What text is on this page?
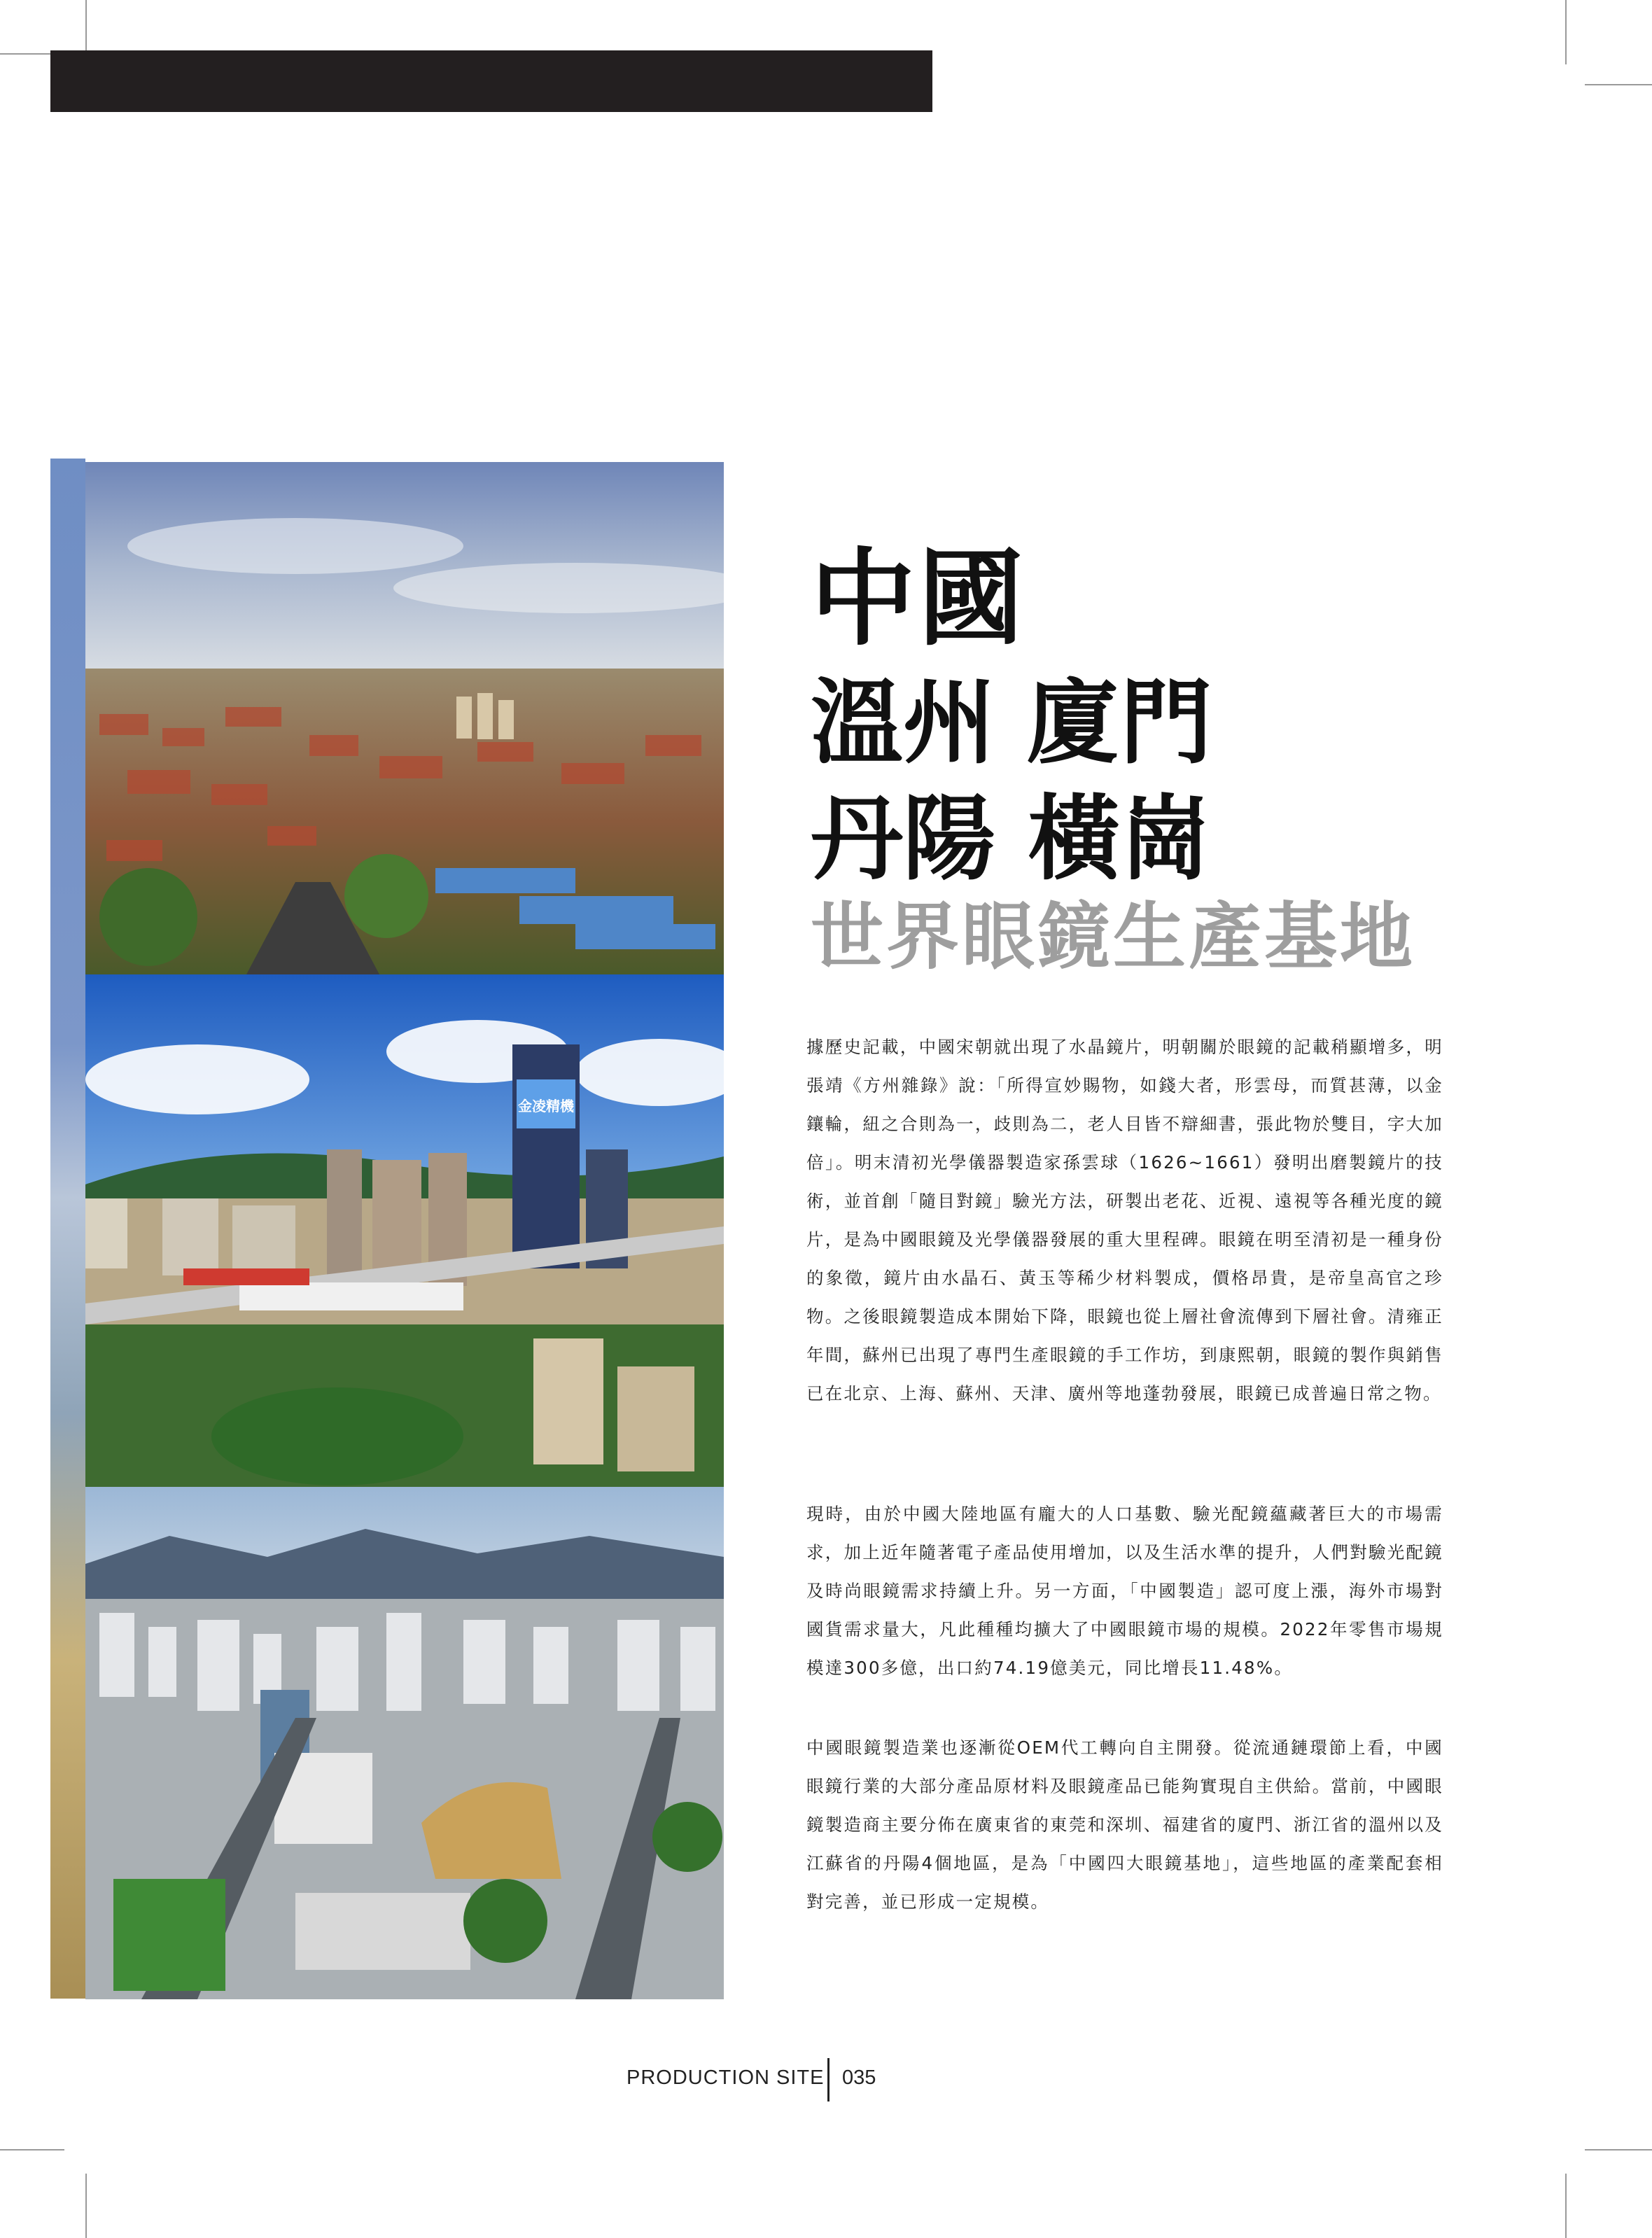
金凌精機
中國
溫州 廈門
丹陽 橫崗
世界眼鏡生產基地
據歷史記載，中國宋朝就出現了水晶鏡片，明朝關於眼鏡的記載稍顯增多，明張靖《方州雜錄》說：「所得宣妙賜物，如錢大者，形雲母，而質甚薄，以金鑲輪，紐之合則為一，歧則為二，老人目皆不辯細書，張此物於雙目，字大加倍」。明末清初光學儀器製造家孫雲球（1626~1661）發明出磨製鏡片的技術，並首創「隨目對鏡」驗光方法，研製出老花、近視、遠視等各種光度的鏡片，是為中國眼鏡及光學儀器發展的重大里程碑。眼鏡在明至清初是一種身份的象徵，鏡片由水晶石、黃玉等稀少材料製成，價格昂貴，是帝皇高官之珍物。之後眼鏡製造成本開始下降，眼鏡也從上層社會流傳到下層社會。清雍正年間，蘇州已出現了專門生產眼鏡的手工作坊，到康熙朝，眼鏡的製作與銷售已在北京、上海、蘇州、天津、廣州等地蓬勃發展，眼鏡已成普遍日常之物。
現時，由於中國大陸地區有龐大的人口基數、驗光配鏡蘊藏著巨大的市場需求，加上近年隨著電子產品使用增加，以及生活水準的提升，人們對驗光配鏡及時尚眼鏡需求持續上升。另一方面，「中國製造」認可度上漲，海外市場對國貨需求量大，凡此種種均擴大了中國眼鏡市場的規模。2022年零售市場規模達300多億，出口約74.19億美元，同比增長11.48%。
中國眼鏡製造業也逐漸從OEM代工轉向自主開發。從流通鏈環節上看，中國眼鏡行業的大部分產品原材料及眼鏡產品已能夠實現自主供給。當前，中國眼鏡製造商主要分佈在廣東省的東莞和深圳、福建省的廈門、浙江省的溫州以及江蘇省的丹陽4個地區，是為「中國四大眼鏡基地」，這些地區的產業配套相對完善，並已形成一定規模。
PRODUCTION SITE 035
